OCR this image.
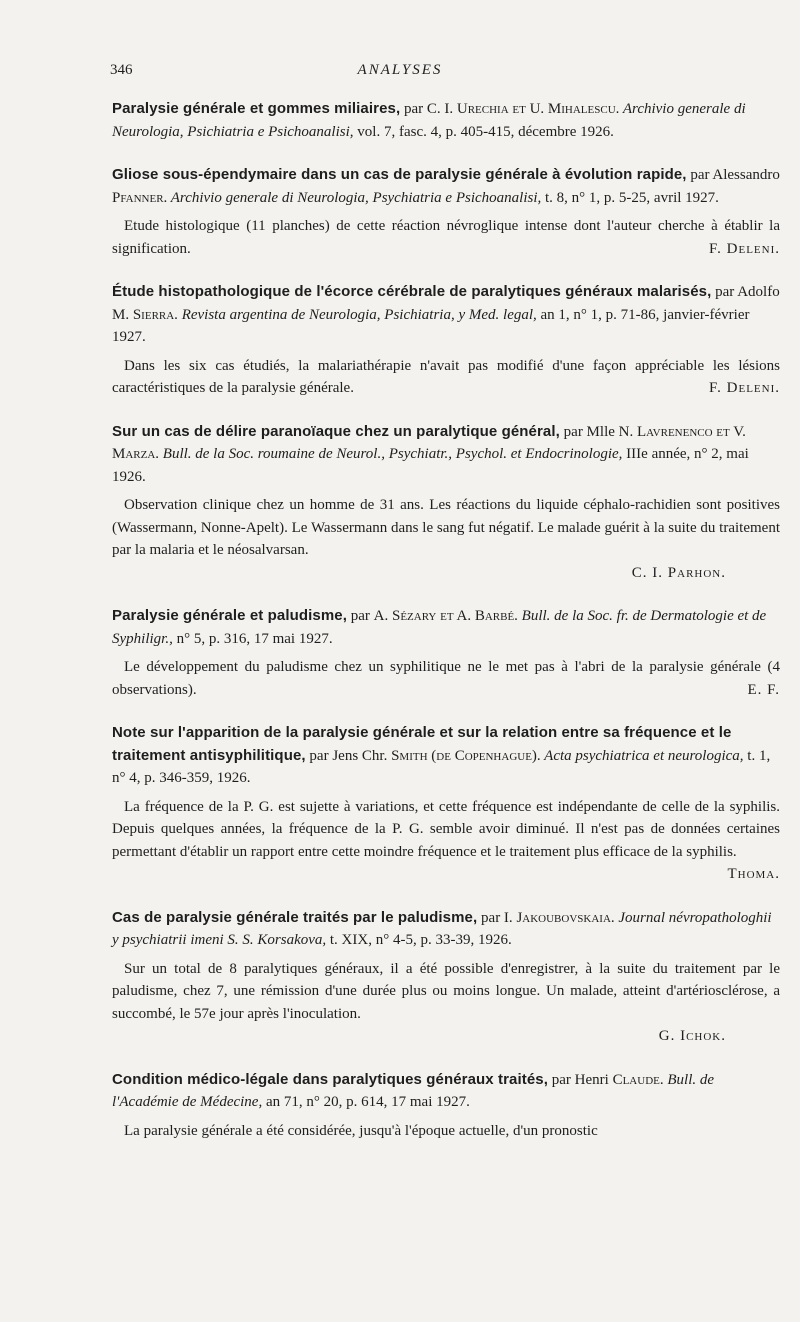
346	ANALYSES

Paralysie générale et gommes miliaires, par C. I. Urechia et U. Mihalescu. Archivio generale di Neurologia, Psichiatria e Psichoanalisi, vol. 7, fasc. 4, p. 405-415, décembre 1926.

Gliose sous-épendymaire dans un cas de paralysie générale à évolution rapide, par Alessandro Pfanner. Archivio generale di Neurologia, Psychiatria e Psichoanalisi, t. 8, n° 1, p. 5-25, avril 1927.

Etude histologique (11 planches) de cette réaction névroglique intense dont l'auteur cherche à établir la signification.	F. Deleni.

Étude histopathologique de l'écorce cérébrale de paralytiques généraux malarisés, par Adolfo M. Sierra. Revista argentina de Neurologia, Psichiatria, y Med. legal, an 1, n° 1, p. 71-86, janvier-février 1927.

Dans les six cas étudiés, la malariathérapie n'avait pas modifié d'une façon appréciable les lésions caractéristiques de la paralysie générale.	F. Deleni.

Sur un cas de délire paranoïaque chez un paralytique général, par Mlle N. Lavrenenco et V. Marza. Bull. de la Soc. roumaine de Neurol., Psychiatr., Psychol. et Endocrinologie, IIIe année, n° 2, mai 1926.

Observation clinique chez un homme de 31 ans. Les réactions du liquide céphalo-rachidien sont positives (Wassermann, Nonne-Apelt). Le Wassermann dans le sang fut négatif. Le malade guérit à la suite du traitement par la malaria et le néosalvarsan.
C. I. Parhon.

Paralysie générale et paludisme, par A. Sézary et A. Barbé. Bull. de la Soc. fr. de Dermatologie et de Syphiligr., n° 5, p. 316, 17 mai 1927.

Le développement du paludisme chez un syphilitique ne le met pas à l'abri de la paralysie générale (4 observations).	E. F.

Note sur l'apparition de la paralysie générale et sur la relation entre sa fréquence et le traitement antisyphilitique, par Jens Chr. Smith (de Copenhague). Acta psychiatrica et neurologica, t. 1, n° 4, p. 346-359, 1926.

La fréquence de la P. G. est sujette à variations, et cette fréquence est indépendante de celle de la syphilis. Depuis quelques années, la fréquence de la P. G. semble avoir diminué. Il n'est pas de données certaines permettant d'établir un rapport entre cette moindre fréquence et le traitement plus efficace de la syphilis.
Thoma.

Cas de paralysie générale traités par le paludisme, par I. Jakoubovskaia. Journal névropathologhii y psychiatrii imeni S. S. Korsakova, t. XIX, n° 4-5, p. 33-39, 1926.

Sur un total de 8 paralytiques généraux, il a été possible d'enregistrer, à la suite du traitement par le paludisme, chez 7, une rémission d'une durée plus ou moins longue. Un malade, atteint d'artériosclérose, a succombé, le 57e jour après l'inoculation.
G. Ichok.

Condition médico-légale dans paralytiques généraux traités, par Henri Claude. Bull. de l'Académie de Médecine, an 71, n° 20, p. 614, 17 mai 1927.

La paralysie générale a été considérée, jusqu'à l'époque actuelle, d'un pronostic
